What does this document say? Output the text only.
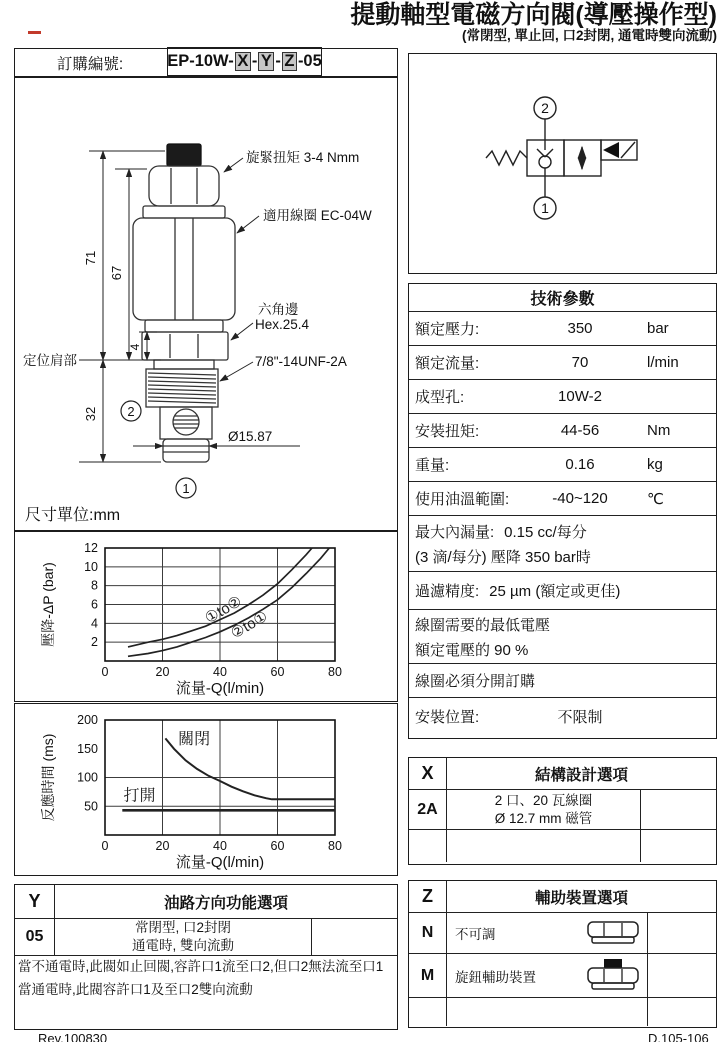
提動軸型電磁方向閥(導壓操作型)
(常閉型, 單止回, 口2封閉, 通電時雙向流動)
訂購編號:	EP-10W- X - Y - Z -05
旋緊扭矩 3-4 Nmm
適用線圈 EC-04W
六角邊
Hex.25.4
7/8"-14UNF-2A
定位肩部
Ø15.87
71
67
4
32
尺寸單位:mm
2
1
0	20	40	60	80
2
4
6
8
10
12
①to②
②to①
流量-Q(l/min)
壓降-ΔP (bar)
0	20	40	60	80
50
100
150
200
關閉
打開
流量-Q(l/min)
反應時間 (ms)
Y	油路方向功能選項
05
常閉型, 口2封閉
通電時, 雙向流動
當不通電時,此閥如止回閥,容許口1流至口2,但口2無法流至口1
當通電時,此閥容許口1及至口2雙向流動
2
1
技術參數
額定壓力:	350	bar
額定流量:	70	l/min
成型孔:	10W-2
安裝扭矩:	44-56	Nm
重量:	0.16	kg
使用油溫範圍:	-40~120	℃
最大內漏量: 0.15 cc/每分
(3 滴/每分) 壓降 350 bar時
過濾精度: 25 µm (額定或更佳)
線圈需要的最低電壓
額定電壓的 90 %
線圈必須分開訂購
安裝位置:	不限制
X	結構設計選項
2A
2 口、20 瓦線圈
Ø 12.7 mm 磁管
Z	輔助裝置選項
N	不可調
M	旋鈕輔助裝置
Rev.100830	D.105-106
